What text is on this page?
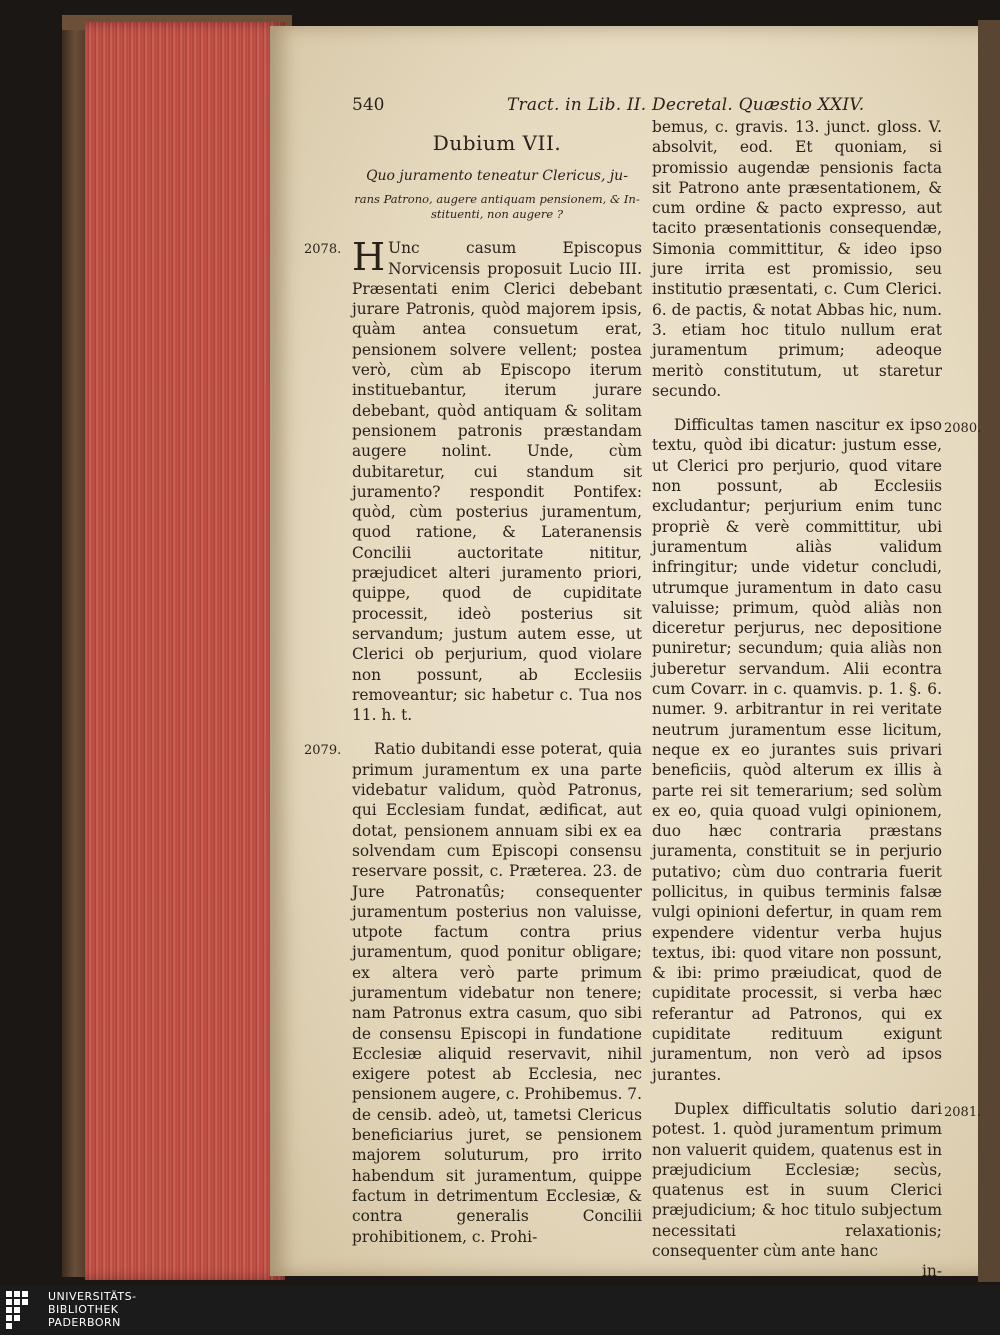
540	Tract. in Lib. II. Decretal. Quæstio XXIV.
Dubium VII.
Quo juramento teneatur Clericus, ju-
rans Patrono, augere antiquam pensionem, & In-
stituenti, non augere ?
2078. H Unc casum Episcopus Norvicensis proposuit Lucio III. Præsentati enim Clerici debebant jurare Patronis, quòd majorem ipsis, quàm antea consuetum erat, pensionem solvere vellent; postea verò, cùm ab Episcopo iterum instituebantur, iterum jurare debebant, quòd antiquam & solitam pensionem patronis præstandam augere nolint. Unde, cùm dubitaretur, cui standum sit juramento? respondit Pontifex: quòd, cùm posterius juramentum, quod ratione, & Lateranensis Concilii auctoritate nititur, præjudicet alteri juramento priori, quippe, quod de cupiditate processit, ideò posterius sit servandum; justum autem esse, ut Clerici ob perjurium, quod violare non possunt, ab Ecclesiis removeantur; sic habetur c. Tua nos 11. h. t.

2079.	Ratio dubitandi esse poterat, quia primum juramentum ex una parte videbatur validum, quòd Patronus, qui Ecclesiam fundat, ædificat, aut dotat, pensionem annuam sibi ex ea solvendam cum Episcopi consensu reservare possit, c. Præterea. 23. de Jure Patronatûs; consequenter juramentum posterius non valuisse, utpote factum contra prius juramentum, quod ponitur obligare; ex altera verò parte primum juramentum videbatur non tenere; nam Patronus extra casum, quo sibi de consensu Episcopi in fundatione Ecclesiæ aliquid reservavit, nihil exigere potest ab Ecclesia, nec pensionem augere, c. Prohibemus. 7. de censib. adeò, ut, tametsi Clericus beneficiarius juret, se pensionem majorem soluturum, pro irrito habendum sit juramentum, quippe factum in detrimentum Ecclesiæ, & contra generalis Concilii prohibitionem, c. Prohi-

bemus, c. gravis. 13. junct. gloss. V. absolvit, eod. Et quoniam, si promissio augendæ pensionis facta sit Patrono ante præsentationem, & cum ordine & pacto expresso, aut tacito præsentationis consequendæ, Simonia committitur, & ideo ipso jure irrita est promissio, seu institutio præsentati, c. Cum Clerici. 6. de pactis, & notat Abbas hic, num. 3. etiam hoc titulo nullum erat juramentum primum; adeoque meritò constitutum, ut staretur secundo.

2080.

Difficultas tamen nascitur ex ipso textu, quòd ibi dicatur: justum esse, ut Clerici pro perjurio, quod vitare non possunt, ab Ecclesiis excludantur; perjurium enim tunc propriè & verè committitur, ubi juramentum aliàs validum infringitur; unde videtur concludi, utrumque juramentum in dato casu valuisse; primum, quòd aliàs non diceretur perjurus, nec depositione puniretur; secundum; quia aliàs non juberetur servandum. Alii econtra cum Covarr. in c. quamvis. p. 1. §. 6. numer. 9. arbitrantur in rei veritate neutrum juramentum esse licitum, neque ex eo jurantes suis privari beneficiis, quòd alterum ex illis à parte rei sit temerarium; sed solùm ex eo, quia quoad vulgi opinionem, duo hæc contraria præstans juramenta, constituit se in perjurio putativo; cùm duo contraria fuerit pollicitus, in quibus terminis falsæ vulgi opinioni defertur, in quam rem expendere videntur verba hujus textus, ibi: quod vitare non possunt, & ibi: primo præiudicat, quod de cupiditate processit, si verba hæc referantur ad Patronos, qui ex cupiditate redituum exigunt juramentum, non verò ad ipsos jurantes.

2081.

Duplex difficultatis solutio dari potest. 1. quòd juramentum primum non valuerit quidem, quatenus est in præjudicium Ecclesiæ; secùs, quatenus est in suum Clerici præjudicium; & hoc titulo subjectum necessitati relaxationis; consequenter cùm ante hanc

in-

UNIVERSITÄTS-
BIBLIOTHEK
PADERBORN
